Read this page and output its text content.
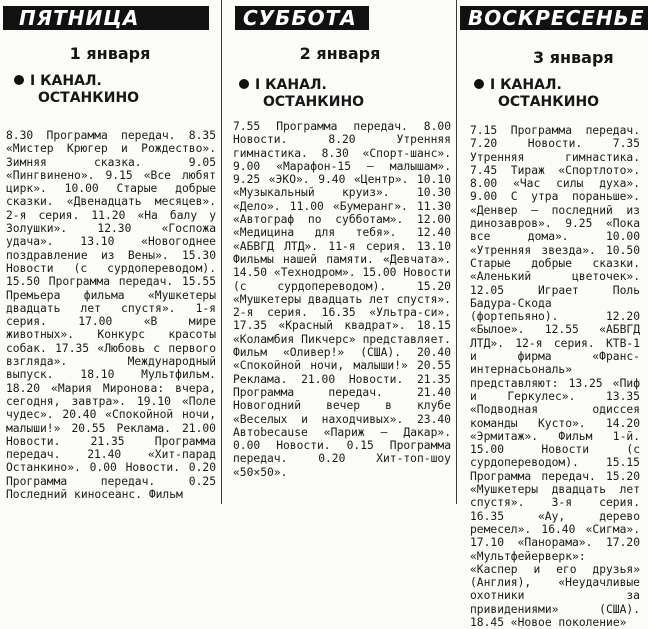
ПЯТНИЦА
1 января
I КАНАЛ.
ОСТАНКИНО

8.30 Программа передач. 8.35 «Мистер Крюгер и Рождество». Зимняя сказка. 9.05 «Пингвинено». 9.15 «Все любят цирк». 10.00 Старые добрые сказки. «Двенадцать месяцев». 2-я серия. 11.20 «На балу у Золушки». 12.30 «Госпожа удача». 13.10 «Новогоднее поздравление из Вены». 15.30 Новости (с сурдопереводом). 15.50 Программа передач. 15.55 Премьера фильма «Мушкетеры двадцать лет спустя». 1-я серия. 17.00 «В мире животных». Конкурс красоты собак. 17.35 «Любовь с первого взгляда». Международный выпуск. 18.10 Мультфильм. 18.20 «Мария Миронова: вчера, сегодня, завтра». 19.10 «Поле чудес». 20.40 «Спокойной ночи, малыши!» 20.55 Реклама. 21.00 Новости. 21.35 Программа передач. 21.40 «Хит-парад Останкино». 0.00 Новости. 0.20 Программа передач. 0.25 Последний киносеанс. Фильм

СУББОТА
2 января
I КАНАЛ.
ОСТАНКИНО

7.55 Программа передач. 8.00 Новости. 8.20 Утренняя гимнастика. 8.30 «Спорт-шанс». 9.00 «Марафон-15 — малышам». 9.25 «ЭКО». 9.40 «Центр». 10.10 «Музыкальный круиз». 10.30 «Дело». 11.00 «Бумеранг». 11.30 «Автограф по субботам». 12.00 «Медицина для тебя». 12.40 «АБВГД ЛТД». 11-я серия. 13.10 Фильмы нашей памяти. «Девчата». 14.50 «Технодром». 15.00 Новости (с сурдопереводом). 15.20 «Мушкетеры двадцать лет спустя». 2-я серия. 16.35 «Ультра-си». 17.35 «Красный квадрат». 18.15 «Коламбия Пикчерс» представляет. Фильм «Оливер!» (США). 20.40 «Спокойной ночи, малыши!» 20.55 Реклама. 21.00 Новости. 21.35 Программа передач. 21.40 Новогодний вечер в клубе «Веселых и находчивых». 23.40 Автоbecause «Париж — Дакар». 0.00 Новости. 0.15 Программа передач. 0.20 Хит-топ-шоу «50×50».

ВОСКРЕСЕНЬЕ
3 января
I КАНАЛ.
ОСТАНКИНО

7.15 Программа передач. 7.20 Новости. 7.35 Утренняя гимнастика. 7.45 Тираж «Спортлото». 8.00 «Час силы духа». 9.00 С утра пораньше». «Денвер — последний из динозавров». 9.25 «Пока все дома». 10.00 «Утренняя звезда». 10.50 Старые добрые сказки. «Аленький цветочек». 12.05 Играет Поль Бадура-Скода (фортепьяно). 12.20 «Былое». 12.55 «АБВГД ЛТД». 12-я серия. КТВ-1 и фирма «Франс-интернасьональ» представляют: 13.25 «Пиф и Геркулес». 13.35 «Подводная одиссея команды Кусто». 14.20 «Эрмитаж». Фильм 1-й. 15.00 Новости (с сурдопереводом). 15.15 Программа передач. 15.20 «Мушкетеры двадцать лет спустя». 3-я серия. 16.35 «Ау, дерево ремесел». 16.40 «Сигма». 17.10 «Панорама». 17.20 «Мультфейерверк»: «Каспер и его друзья» (Англия), «Неудачливые охотники за привидениями» (США). 18.45 «Новое поколение»
